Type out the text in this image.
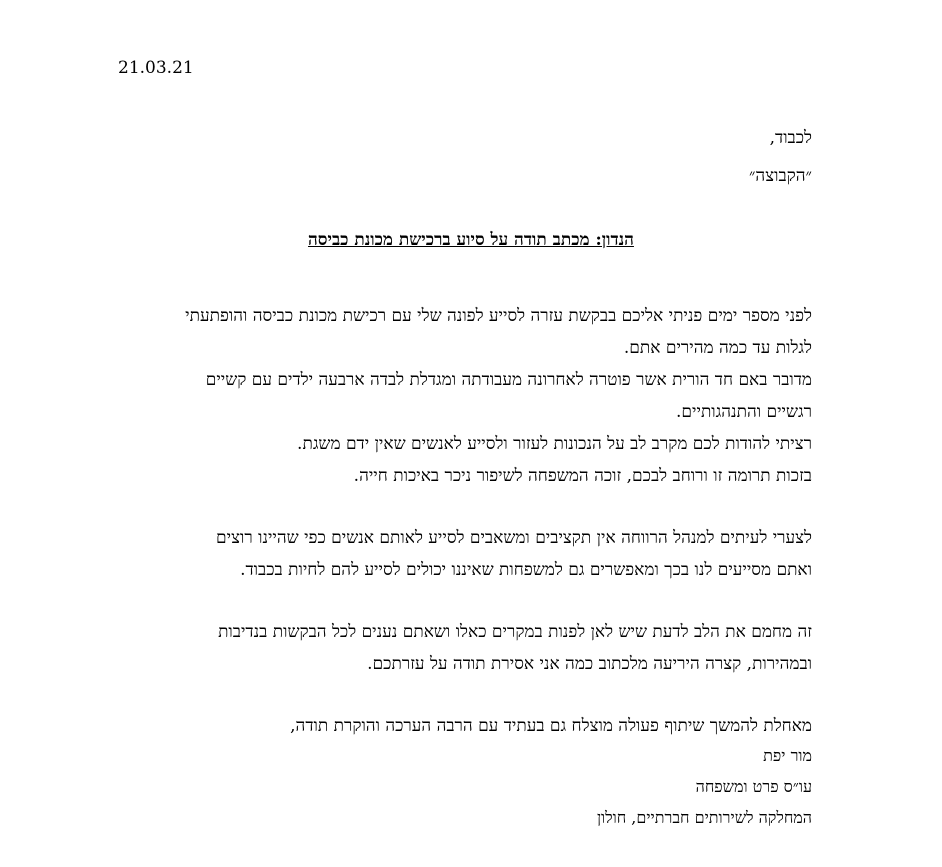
21.03.21
לכבוד,
״הקבוצה״
הנדון: מכתב תודה על סיוע ברכישת מכונת כביסה
לפני מספר ימים פניתי אליכם בבקשת עזרה לסייע לפונה שלי עם רכישת מכונת כביסה והופתעתי
לגלות עד כמה מהירים אתם.
מדובר באם חד הורית אשר פוטרה לאחרונה מעבודתה ומגדלת לבדה ארבעה ילדים עם קשיים
רגשיים והתנהגותיים.
רציתי להודות לכם מקרב לב על הנכונות לעזור ולסייע לאנשים שאין ידם משגת.
בזכות תרומה זו ורוחב לבכם, זוכה המשפחה לשיפור ניכר באיכות חייה.
לצערי לעיתים למנהל הרווחה אין תקציבים ומשאבים לסייע לאותם אנשים כפי שהיינו רוצים
ואתם מסייעים לנו בכך ומאפשרים גם למשפחות שאיננו יכולים לסייע להם לחיות בכבוד.
זה מחמם את הלב לדעת שיש לאן לפנות במקרים כאלו ושאתם נענים לכל הבקשות בנדיבות
ובמהירות, קצרה היריעה מלכתוב כמה אני אסירת תודה על עזרתכם.
מאחלת להמשך שיתוף פעולה מוצלח גם בעתיד עם הרבה הערכה והוקרת תודה,
מור יפת
עו״ס פרט ומשפחה
המחלקה לשירותים חברתיים, חולון
